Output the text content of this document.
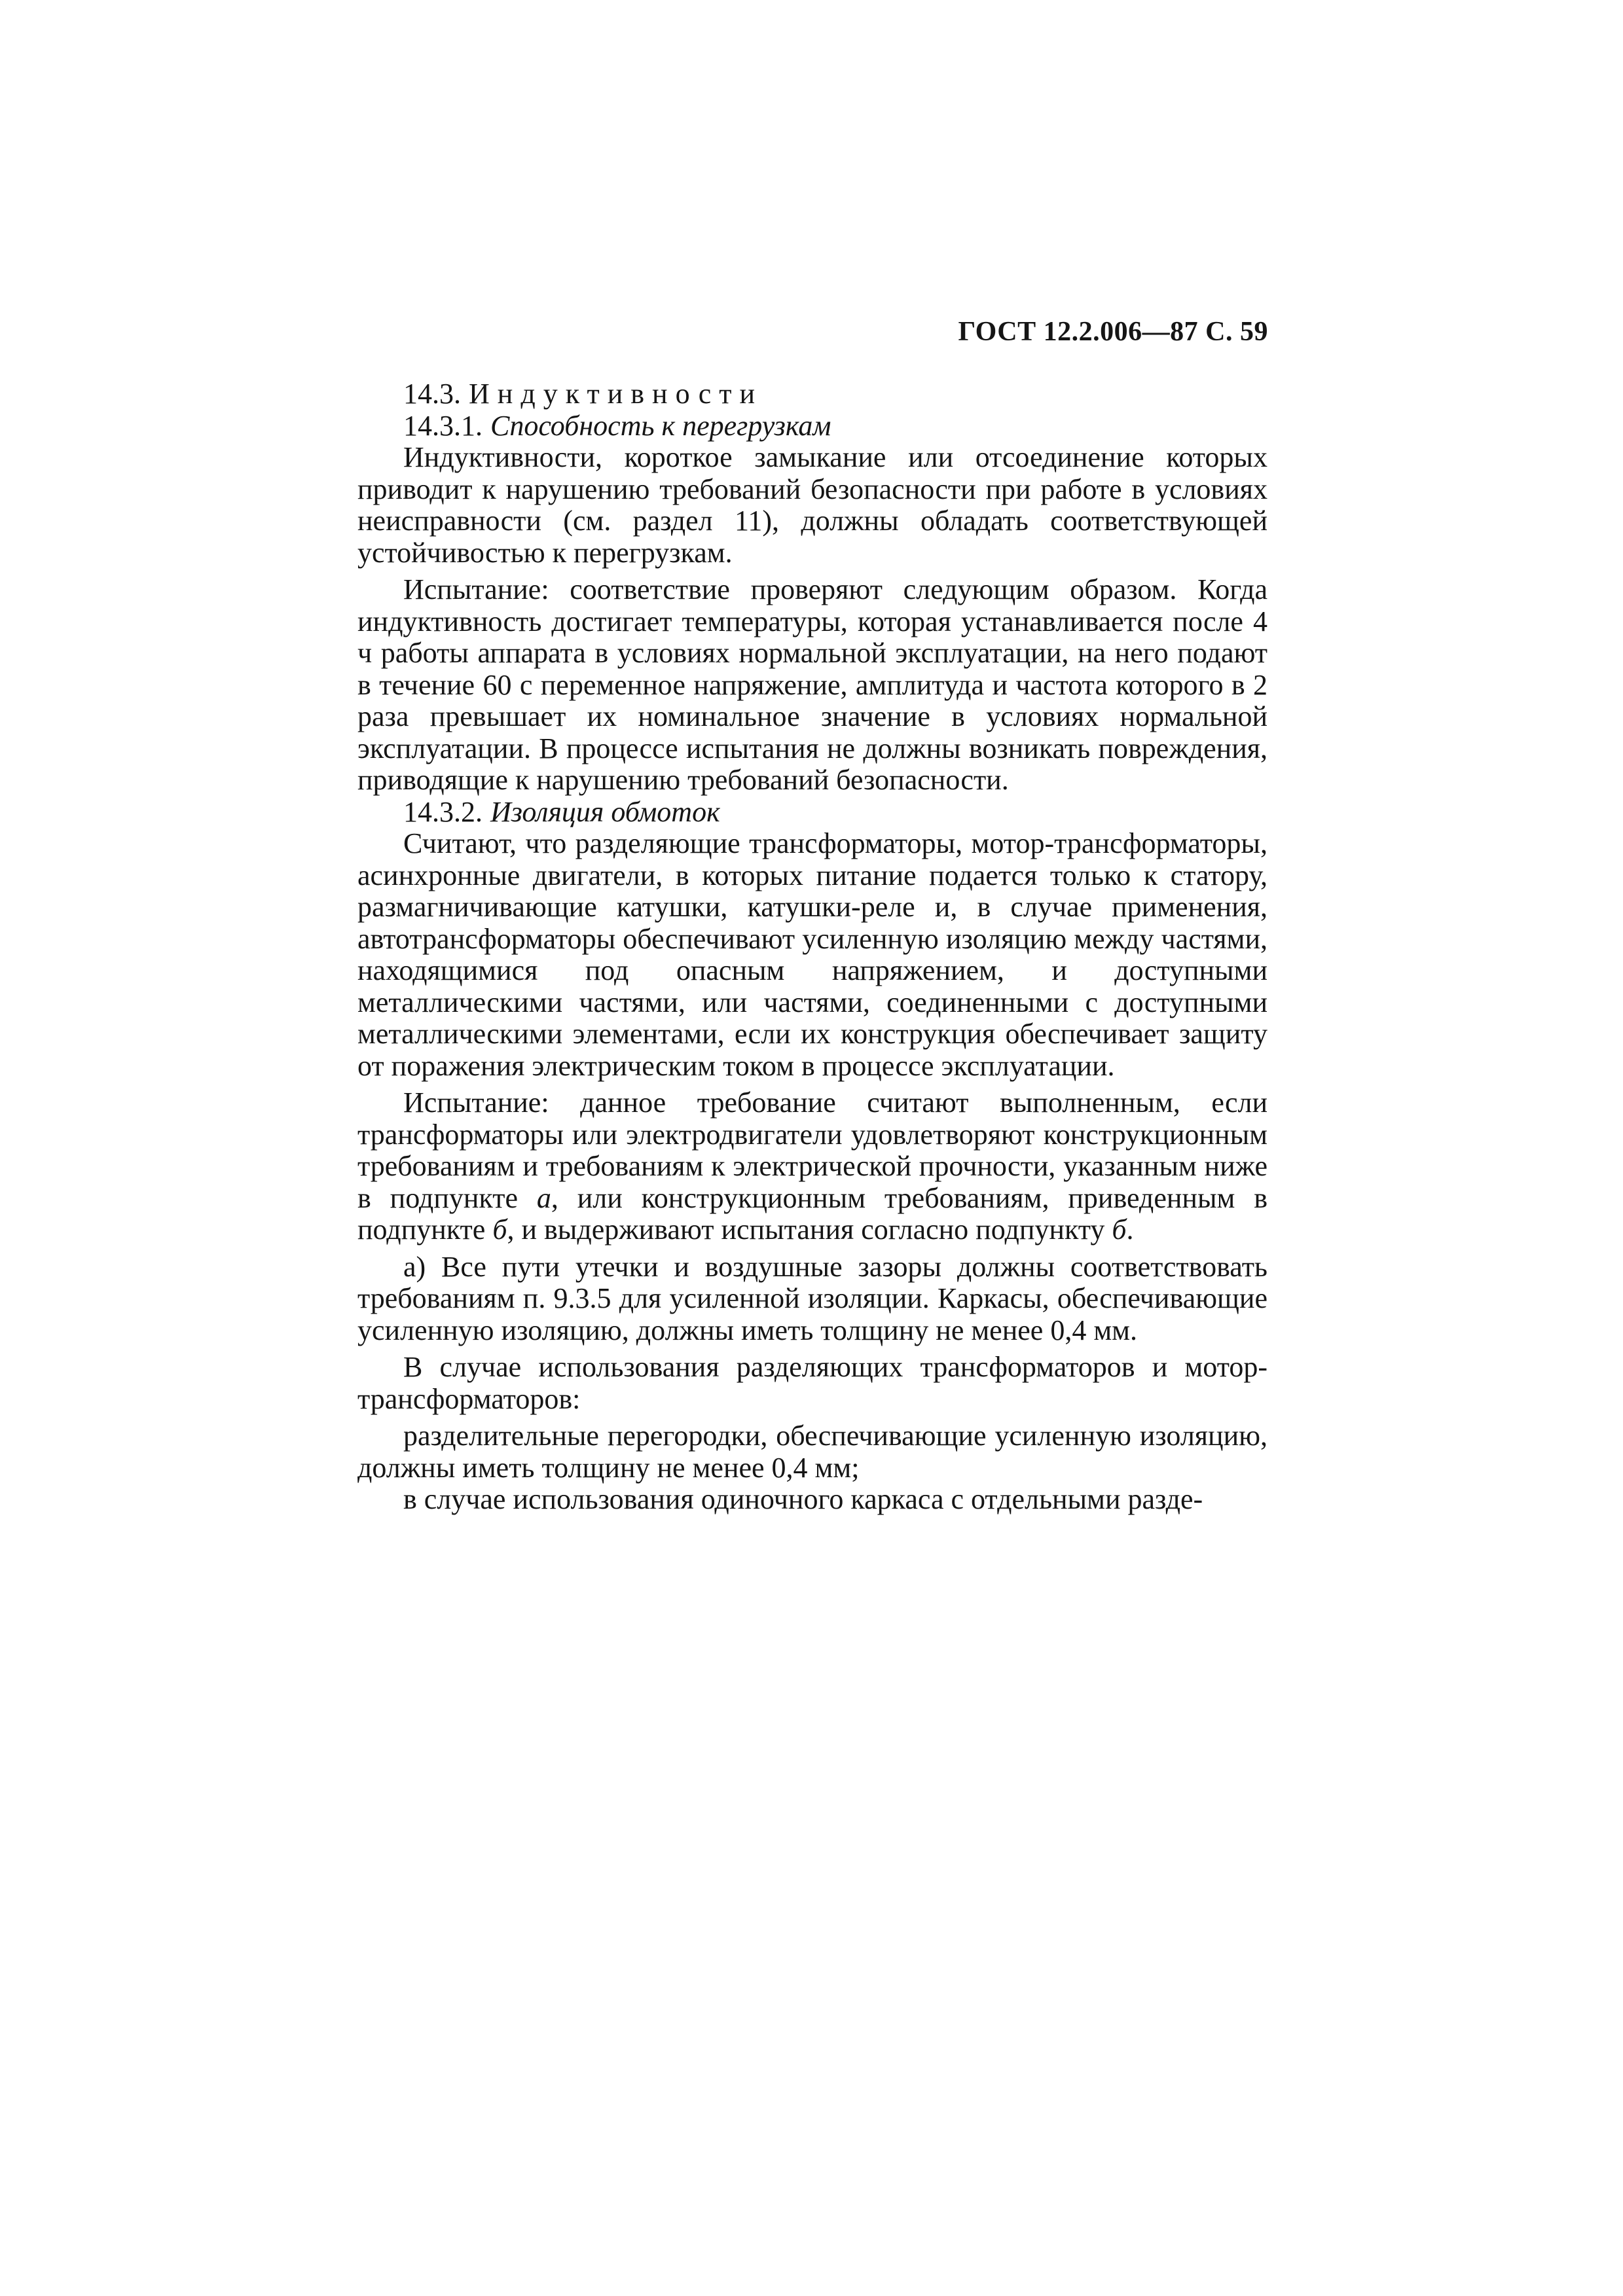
ГОСТ 12.2.006—87 С. 59

14.3. Индуктивности

14.3.1. Способность к перегрузкам

Индуктивности, короткое замыкание или отсоединение которых приводит к нарушению требований безопасности при работе в условиях неисправности (см. раздел 11), должны обладать соответствующей устойчивостью к перегрузкам.

Испытание: соответствие проверяют следующим образом. Когда индуктивность достигает температуры, которая устанавливается после 4 ч работы аппарата в условиях нормальной эксплуатации, на него подают в течение 60 с переменное напряжение, амплитуда и частота которого в 2 раза превышает их номинальное значение в условиях нормальной эксплуатации. В процессе испытания не должны возникать повреждения, приводящие к нарушению требований безопасности.

14.3.2. Изоляция обмоток

Считают, что разделяющие трансформаторы, мотор-трансформаторы, асинхронные двигатели, в которых питание подается только к статору, размагничивающие катушки, катушки-реле и, в случае применения, автотрансформаторы обеспечивают усиленную изоляцию между частями, находящимися под опасным напряжением, и доступными металлическими частями, или частями, соединенными с доступными металлическими элементами, если их конструкция обеспечивает защиту от поражения электрическим током в процессе эксплуатации.

Испытание: данное требование считают выполненным, если трансформаторы или электродвигатели удовлетворяют конструкционным требованиям и требованиям к электрической прочности, указанным ниже в подпункте а, или конструкционным требованиям, приведенным в подпункте б, и выдерживают испытания согласно подпункту б.

а) Все пути утечки и воздушные зазоры должны соответствовать требованиям п. 9.3.5 для усиленной изоляции. Каркасы, обеспечивающие усиленную изоляцию, должны иметь толщину не менее 0,4 мм.

В случае использования разделяющих трансформаторов и мотор-трансформаторов:

разделительные перегородки, обеспечивающие усиленную изоляцию, должны иметь толщину не менее 0,4 мм;

в случае использования одиночного каркаса с отдельными разде-
